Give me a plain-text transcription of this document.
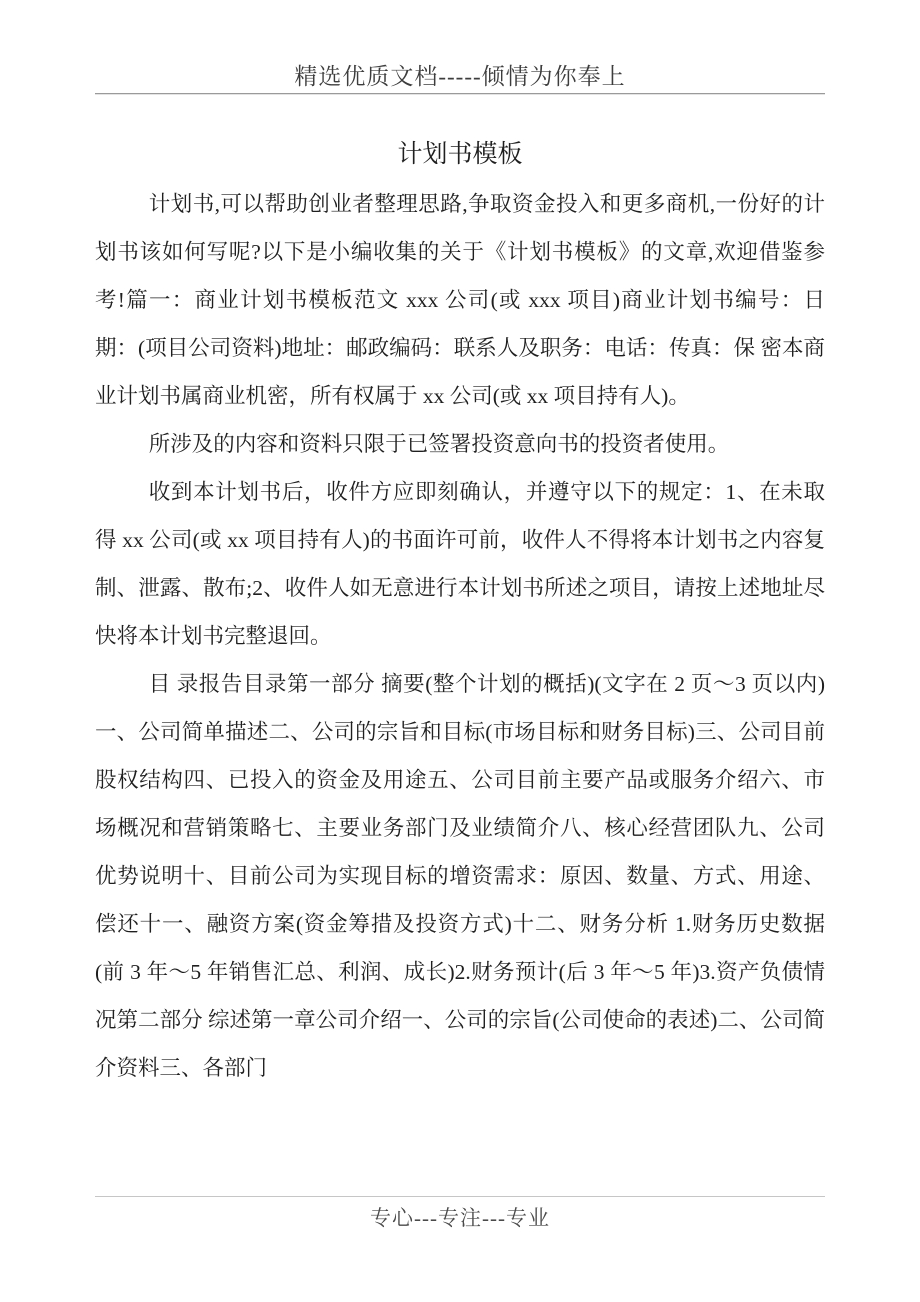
精选优质文档-----倾情为你奉上
计划书模板

计划书,可以帮助创业者整理思路,争取资金投入和更多商机,一份好的计划书该如何写呢?以下是小编收集的关于《计划书模板》的文章,欢迎借鉴参考!篇一：商业计划书模板范文 xxx 公司(或 xxx 项目)商业计划书编号：日期：(项目公司资料)地址：邮政编码：联系人及职务：电话：传真：保 密本商业计划书属商业机密，所有权属于 xx 公司(或 xx 项目持有人)。

所涉及的内容和资料只限于已签署投资意向书的投资者使用。

收到本计划书后，收件方应即刻确认，并遵守以下的规定：1、在未取得 xx 公司(或 xx 项目持有人)的书面许可前，收件人不得将本计划书之内容复制、泄露、散布;2、收件人如无意进行本计划书所述之项目，请按上述地址尽快将本计划书完整退回。

目 录报告目录第一部分 摘要(整个计划的概括)(文字在 2 页～3 页以内)一、公司简单描述二、公司的宗旨和目标(市场目标和财务目标)三、公司目前股权结构四、已投入的资金及用途五、公司目前主要产品或服务介绍六、市场概况和营销策略七、主要业务部门及业绩简介八、核心经营团队九、公司优势说明十、目前公司为实现目标的增资需求：原因、数量、方式、用途、偿还十一、融资方案(资金筹措及投资方式)十二、财务分析 1.财务历史数据(前 3 年～5 年销售汇总、利润、成长)2.财务预计(后 3 年～5 年)3.资产负债情况第二部分 综述第一章公司介绍一、公司的宗旨(公司使命的表述)二、公司简介资料三、各部门

专心---专注---专业
